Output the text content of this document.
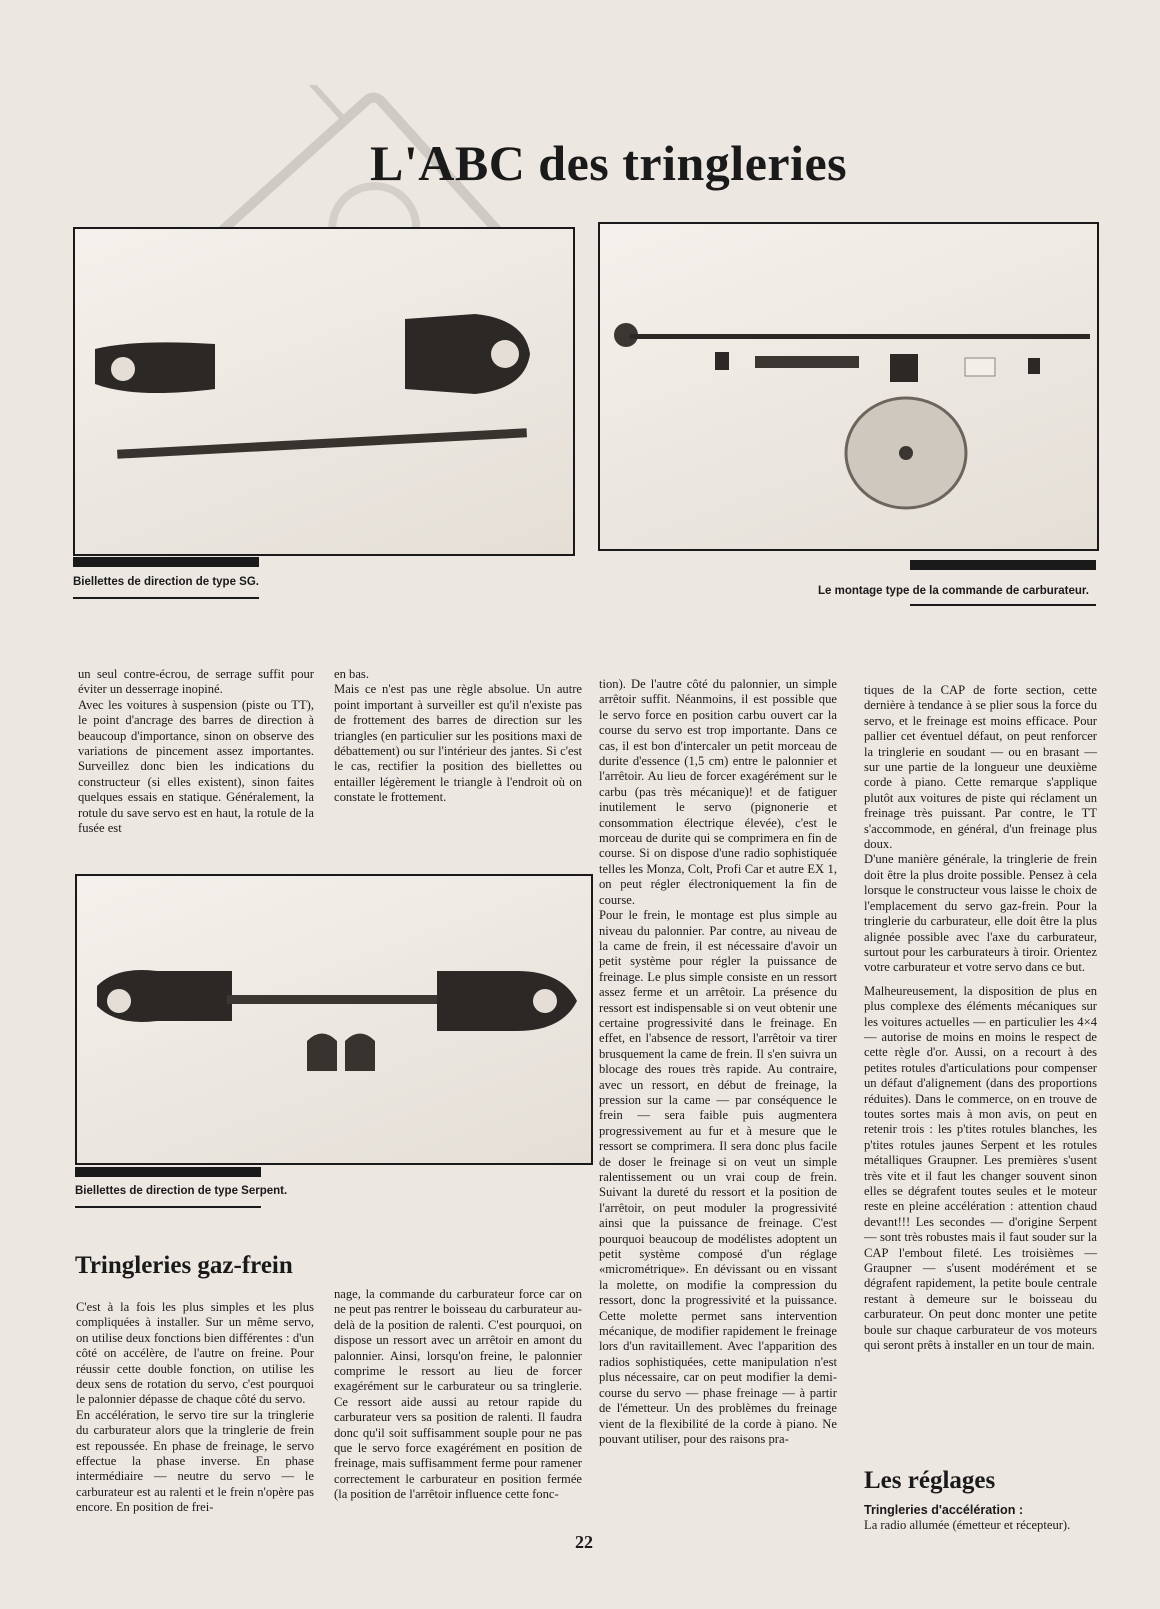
L'ABC des tringleries
Biellettes de direction de type SG.
Le montage type de la commande de carburateur.

un seul contre-écrou, de serrage suffit pour éviter un desserrage inopiné.

Avec les voitures à suspension (piste ou TT), le point d'ancrage des barres de direction à beaucoup d'importance, sinon on observe des variations de pincement assez importantes. Surveillez donc bien les indications du constructeur (si elles existent), sinon faites quelques essais en statique. Généralement, la rotule du save servo est en haut, la rotule de la fusée est

en bas.

Mais ce n'est pas une règle absolue. Un autre point important à surveiller est qu'il n'existe pas de frottement des barres de direction sur les triangles (en particulier sur les positions maxi de débattement) ou sur l'intérieur des jantes. Si c'est le cas, rectifier la position des biellettes ou entailler légèrement le triangle à l'endroit où on constate le frottement.

Biellettes de direction de type Serpent.
Tringleries gaz-frein

C'est à la fois les plus simples et les plus compliquées à installer. Sur un même servo, on utilise deux fonctions bien différentes : d'un côté on accélère, de l'autre on freine. Pour réussir cette double fonction, on utilise les deux sens de rotation du servo, c'est pourquoi le palonnier dépasse de chaque côté du servo.

En accélération, le servo tire sur la tringlerie du carburateur alors que la tringlerie de frein est repoussée. En phase de freinage, le servo effectue la phase inverse. En phase intermédiaire — neutre du servo — le carburateur est au ralenti et le frein n'opère pas encore. En position de frei-

nage, la commande du carburateur force car on ne peut pas rentrer le boisseau du carburateur au-delà de la position de ralenti. C'est pourquoi, on dispose un ressort avec un arrêtoir en amont du palonnier. Ainsi, lorsqu'on freine, le palonnier comprime le ressort au lieu de forcer exagérément sur le carburateur ou sa tringlerie. Ce ressort aide aussi au retour rapide du carburateur vers sa position de ralenti. Il faudra donc qu'il soit suffisamment souple pour ne pas que le servo force exagérément en position de freinage, mais suffisamment ferme pour ramener correctement le carburateur en position fermée (la position de l'arrêtoir influence cette fonc-

tion). De l'autre côté du palonnier, un simple arrêtoir suffit. Néanmoins, il est possible que le servo force en position carbu ouvert car la course du servo est trop importante. Dans ce cas, il est bon d'intercaler un petit morceau de durite d'essence (1,5 cm) entre le palonnier et l'arrêtoir. Au lieu de forcer exagérément sur le carbu (pas très mécanique)! et de fatiguer inutilement le servo (pignonerie et consommation électrique élevée), c'est le morceau de durite qui se comprimera en fin de course. Si on dispose d'une radio sophistiquée telles les Monza, Colt, Profi Car et autre EX 1, on peut régler électroniquement la fin de course.

Pour le frein, le montage est plus simple au niveau du palonnier. Par contre, au niveau de la came de frein, il est nécessaire d'avoir un petit système pour régler la puissance de freinage. Le plus simple consiste en un ressort assez ferme et un arrêtoir. La présence du ressort est indispensable si on veut obtenir une certaine progressivité dans le freinage. En effet, en l'absence de ressort, l'arrêtoir va tirer brusquement la came de frein. Il s'en suivra un blocage des roues très rapide. Au contraire, avec un ressort, en début de freinage, la pression sur la came — par conséquence le frein — sera faible puis augmentera progressivement au fur et à mesure que le ressort se comprimera. Il sera donc plus facile de doser le freinage si on veut un simple ralentissement ou un vrai coup de frein. Suivant la dureté du ressort et la position de l'arrêtoir, on peut moduler la progressivité ainsi que la puissance de freinage. C'est pourquoi beaucoup de modélistes adoptent un petit système composé d'un réglage «micrométrique». En dévissant ou en vissant la molette, on modifie la compression du ressort, donc la progressivité et la puissance. Cette molette permet sans intervention mécanique, de modifier rapidement le freinage lors d'un ravitaillement. Avec l'apparition des radios sophistiquées, cette manipulation n'est plus nécessaire, car on peut modifier la demi-course du servo — phase freinage — à partir de l'émetteur. Un des problèmes du freinage vient de la flexibilité de la corde à piano. Ne pouvant utiliser, pour des raisons pra-

tiques de la CAP de forte section, cette dernière à tendance à se plier sous la force du servo, et le freinage est moins efficace. Pour pallier cet éventuel défaut, on peut renforcer la tringlerie en soudant — ou en brasant — sur une partie de la longueur une deuxième corde à piano. Cette remarque s'applique plutôt aux voitures de piste qui réclament un freinage très puissant. Par contre, le TT s'accommode, en général, d'un freinage plus doux.

D'une manière générale, la tringlerie de frein doit être la plus droite possible. Pensez à cela lorsque le constructeur vous laisse le choix de l'emplacement du servo gaz-frein. Pour la tringlerie du carburateur, elle doit être la plus alignée possible avec l'axe du carburateur, surtout pour les carburateurs à tiroir. Orientez votre carburateur et votre servo dans ce but.

Malheureusement, la disposition de plus en plus complexe des éléments mécaniques sur les voitures actuelles — en particulier les 4×4 — autorise de moins en moins le respect de cette règle d'or. Aussi, on a recourt à des petites rotules d'articulations pour compenser un défaut d'alignement (dans des proportions réduites). Dans le commerce, on en trouve de toutes sortes mais à mon avis, on peut en retenir trois : les p'tites rotules blanches, les p'tites rotules jaunes Serpent et les rotules métalliques Graupner. Les premières s'usent très vite et il faut les changer souvent sinon elles se dégrafent toutes seules et le moteur reste en pleine accélération : attention chaud devant!!! Les secondes — d'origine Serpent — sont très robustes mais il faut souder sur la CAP l'embout fileté. Les troisièmes — Graupner — s'usent modérément et se dégrafent rapidement, la petite boule centrale restant à demeure sur le boisseau du carburateur. On peut donc monter une petite boule sur chaque carburateur de vos moteurs qui seront prêts à installer en un tour de main.

Les réglages

Tringleries d'accélération :

La radio allumée (émetteur et récepteur).

22
